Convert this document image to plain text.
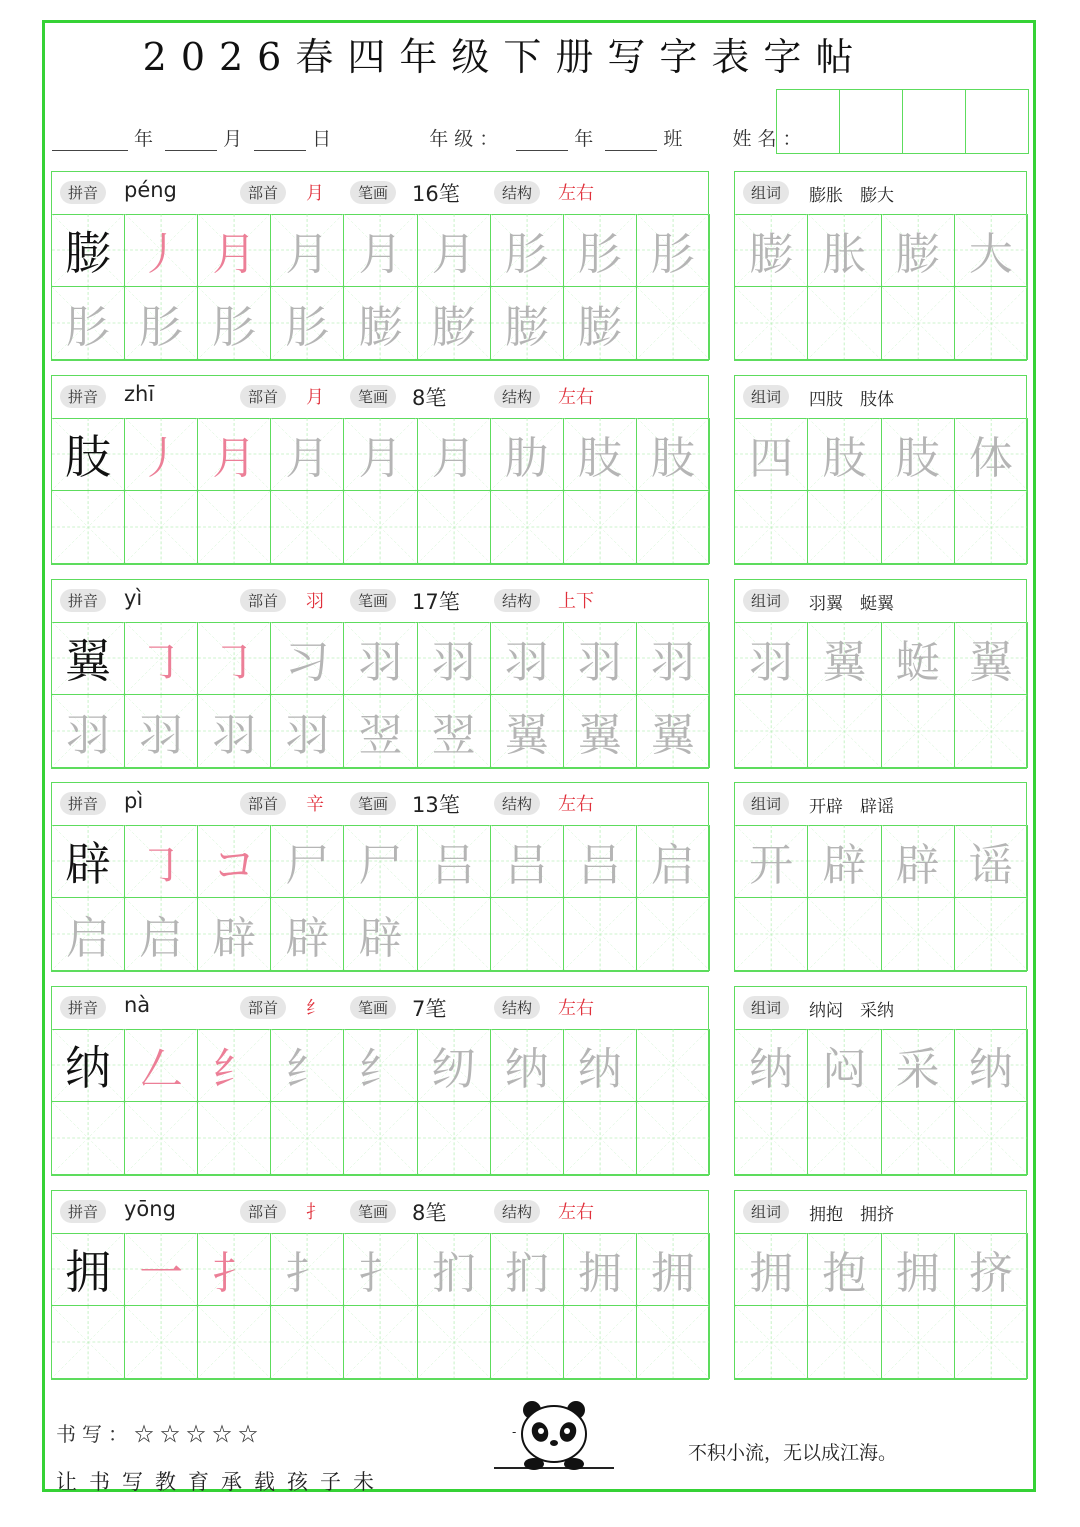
2026春四年级下册写字表字帖
年	月	日	年级：	年	班	姓名：
拼音	péng	部首	月	笔画	16笔	结构	左右
膨 丿 月 月 月 月 肜 肜 肜
肜 肜 肜 肜 膨 膨 膨 膨
组词	膨胀　膨大
膨 胀 膨 大
拼音	zhī	部首	月	笔画	8笔	结构	左右
肢 丿 月 月 月 月 肋 肢 肢
组词	四肢　肢体
四 肢 肢 体
拼音	yì	部首	羽	笔画	17笔	结构	上下
翼 ㇆ ㇆ 习 羽 羽 羽 羽 羽
羽 羽 羽 羽 翌 翌 翼 翼 翼
组词	羽翼　蜓翼
羽 翼 蜓 翼
拼音	pì	部首	辛	笔画	13笔	结构	左右
辟 ㇆ コ 尸 尸 吕 吕 吕 启
启 启 辟 辟 辟
组词	开辟　辟谣
开 辟 辟 谣
拼音	nà	部首	纟	笔画	7笔	结构	左右
纳 𠃋 纟 纟 纟 纫 纳 纳
组词	纳闷　采纳
纳 闷 采 纳
拼音	yōng	部首	扌	笔画	8笔	结构	左右
拥 一 扌 扌 扌 扪 扪 拥 拥
组词	拥抱　拥挤
拥 抱 拥 挤
书写：☆☆☆☆☆
让书写教育承载孩子未
不积小流，无以成江海。
-
